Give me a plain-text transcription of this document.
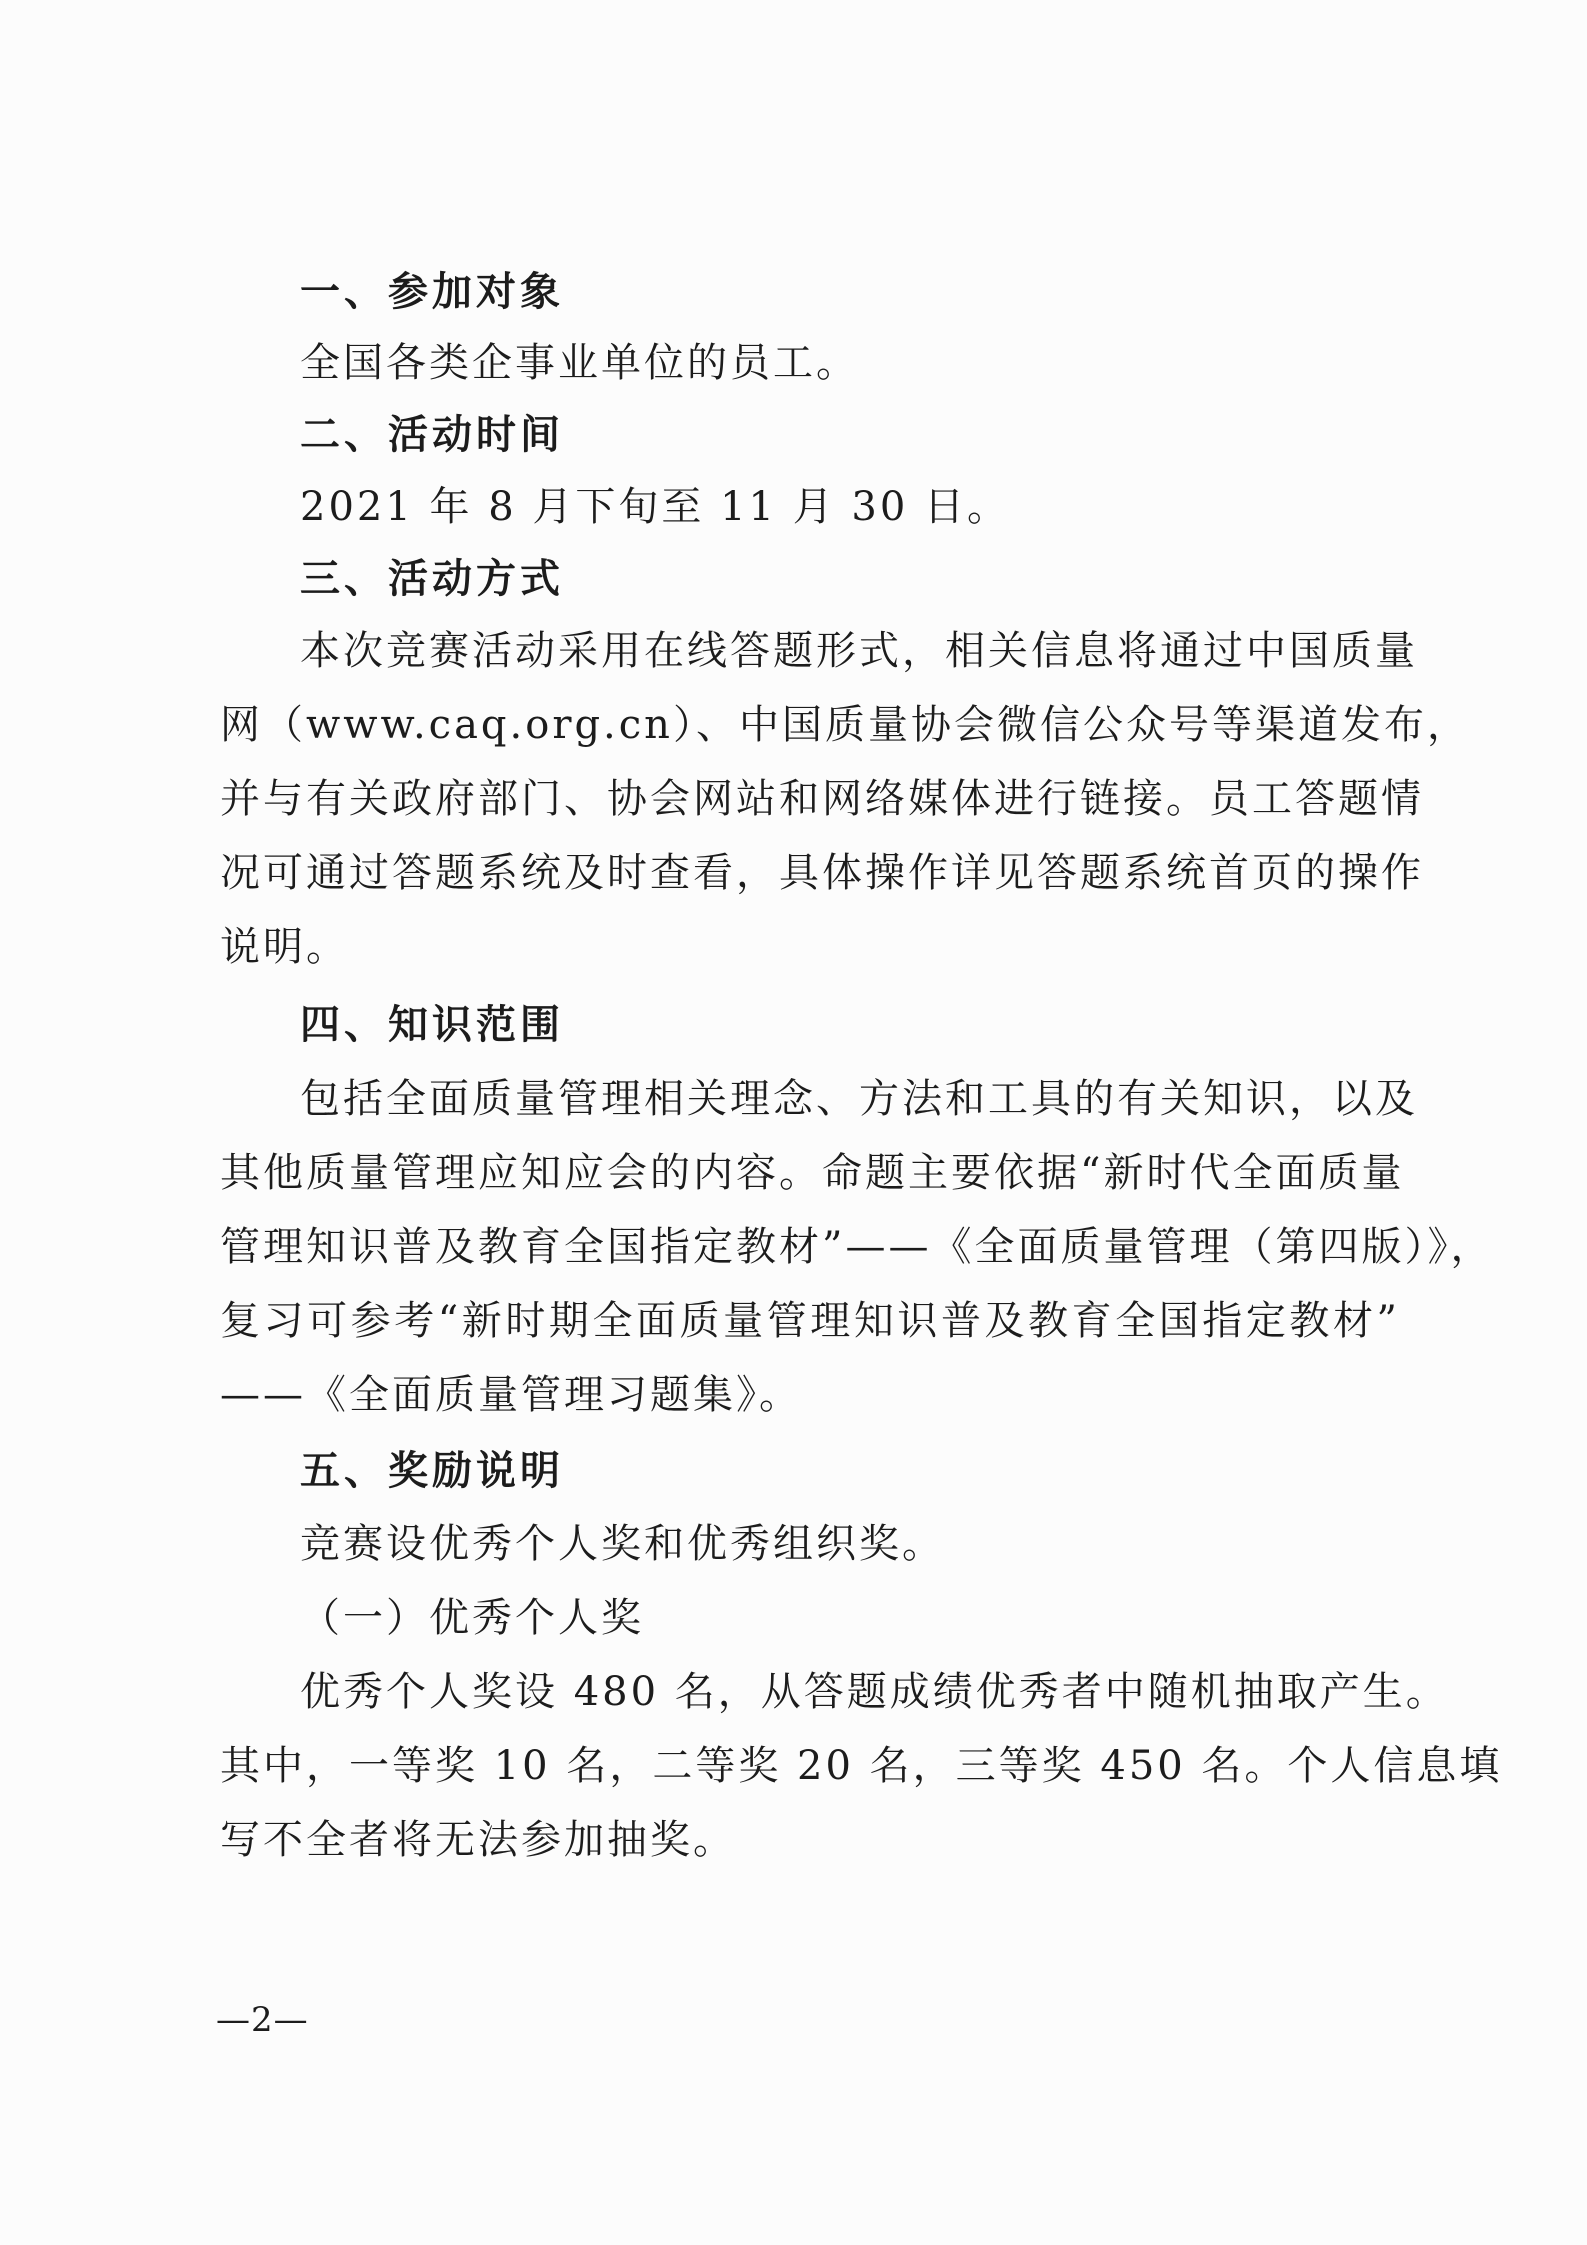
一、参加对象
全国各类企事业单位的员工。
二、活动时间
2021 年 8 月下旬至 11 月 30 日。
三、活动方式
本次竞赛活动采用在线答题形式，相关信息将通过中国质量
网（www.caq.org.cn）、中国质量协会微信公众号等渠道发布，
并与有关政府部门、协会网站和网络媒体进行链接。员工答题情
况可通过答题系统及时查看，具体操作详见答题系统首页的操作
说明。
四、知识范围
包括全面质量管理相关理念、方法和工具的有关知识，以及
其他质量管理应知应会的内容。命题主要依据“新时代全面质量
管理知识普及教育全国指定教材”——《全面质量管理（第四版）》，
复习可参考“新时期全面质量管理知识普及教育全国指定教材”
——《全面质量管理习题集》。
五、奖励说明
竞赛设优秀个人奖和优秀组织奖。
（一）优秀个人奖
优秀个人奖设 480 名，从答题成绩优秀者中随机抽取产生。
其中，一等奖 10 名，二等奖 20 名，三等奖 450 名。个人信息填
写不全者将无法参加抽奖。
—2—
